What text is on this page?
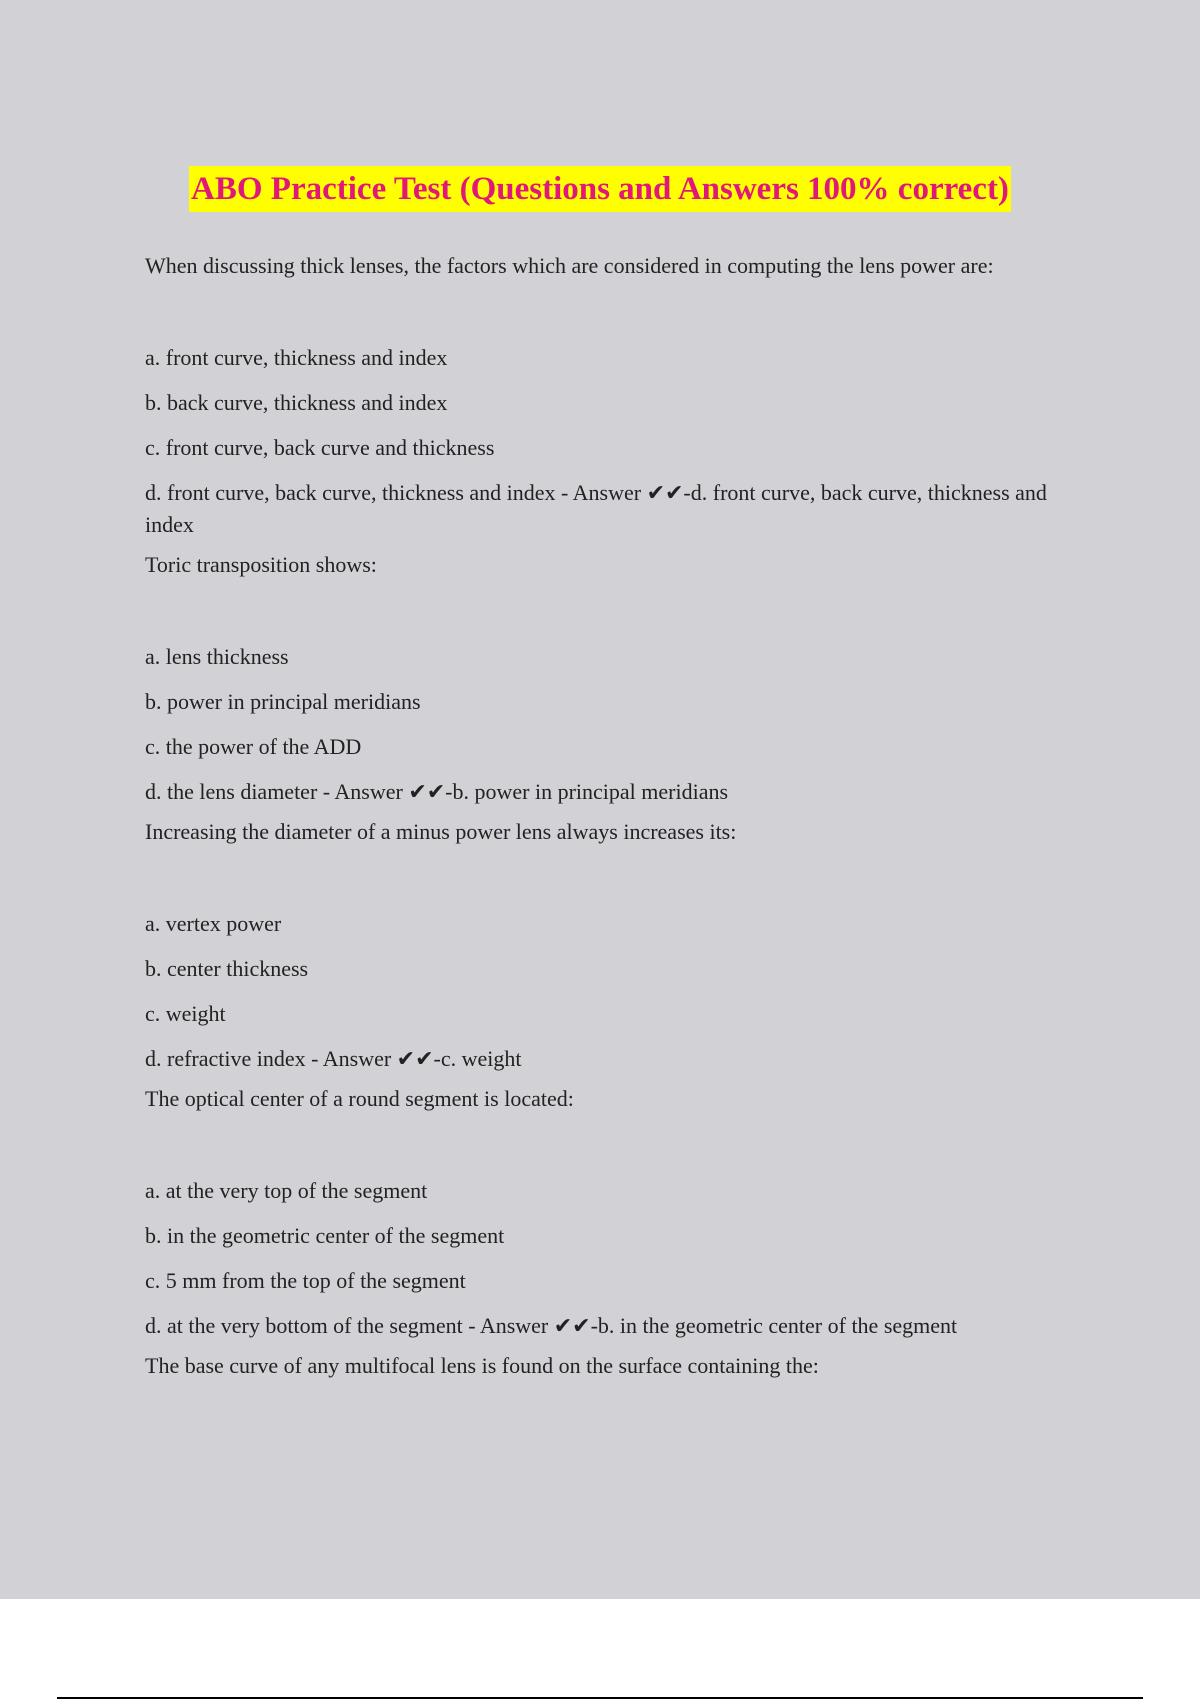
ABO Practice Test (Questions and Answers 100% correct)

When discussing thick lenses, the factors which are considered in computing the lens power are:

a. front curve, thickness and index

b. back curve, thickness and index

c. front curve, back curve and thickness

d. front curve, back curve, thickness and index - Answer ✔✔-d. front curve, back curve, thickness and index

Toric transposition shows:

a. lens thickness

b. power in principal meridians

c. the power of the ADD

d. the lens diameter - Answer ✔✔-b. power in principal meridians

Increasing the diameter of a minus power lens always increases its:

a. vertex power

b. center thickness

c. weight

d. refractive index - Answer ✔✔-c. weight

The optical center of a round segment is located:

a. at the very top of the segment

b. in the geometric center of the segment

c. 5 mm from the top of the segment

d. at the very bottom of the segment - Answer ✔✔-b. in the geometric center of the segment

The base curve of any multifocal lens is found on the surface containing the:
